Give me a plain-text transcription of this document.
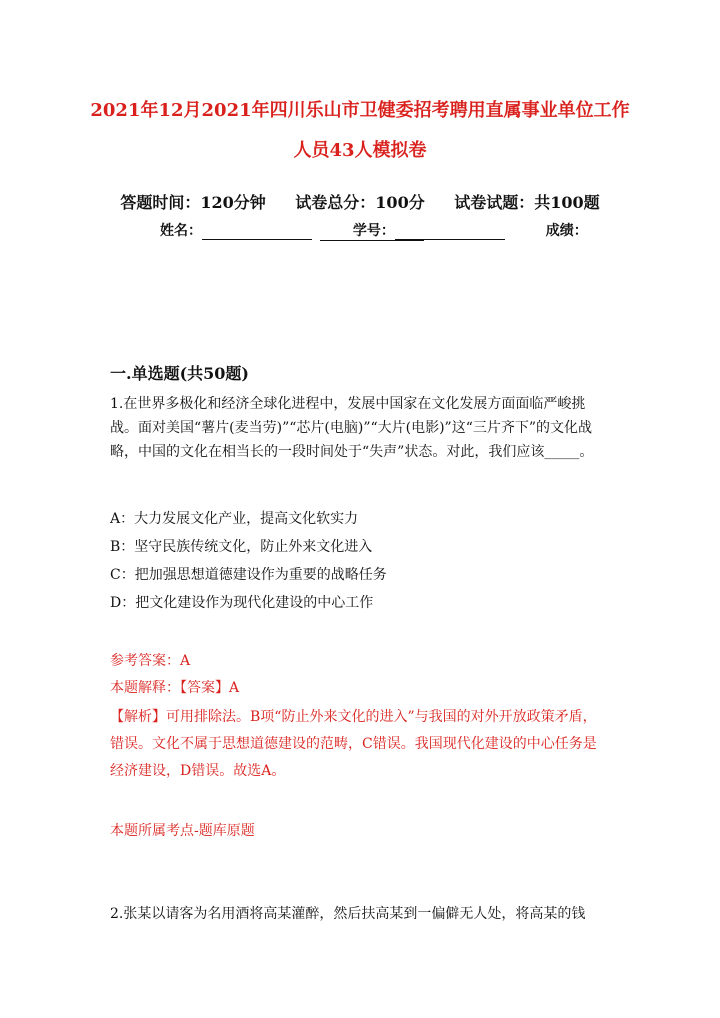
2021年12月2021年四川乐山市卫健委招考聘用直属事业单位工作
人员43人模拟卷
答题时间：120分钟 试卷总分：100分 试卷试题：共100题
姓名：	学号：	成绩：
一.单选题(共50题)
1.在世界多极化和经济全球化进程中，发展中国家在文化发展方面面临严峻挑战。面对美国“薯片(麦当劳)”“芯片(电脑)”“大片(电影)”这“三片齐下”的文化战略，中国的文化在相当长的一段时间处于“失声”状态。对此，我们应该_____。
A：大力发展文化产业，提高文化软实力
B：坚守民族传统文化，防止外来文化进入
C：把加强思想道德建设作为重要的战略任务
D：把文化建设作为现代化建设的中心工作
参考答案：A
本题解释：【答案】A
【解析】可用排除法。B项“防止外来文化的进入”与我国的对外开放政策矛盾，错误。文化不属于思想道德建设的范畴，C错误。我国现代化建设的中心任务是经济建设，D错误。故选A。
本题所属考点-题库原题
2.张某以请客为名用酒将高某灌醉，然后扶高某到一偏僻无人处，将高某的钱
